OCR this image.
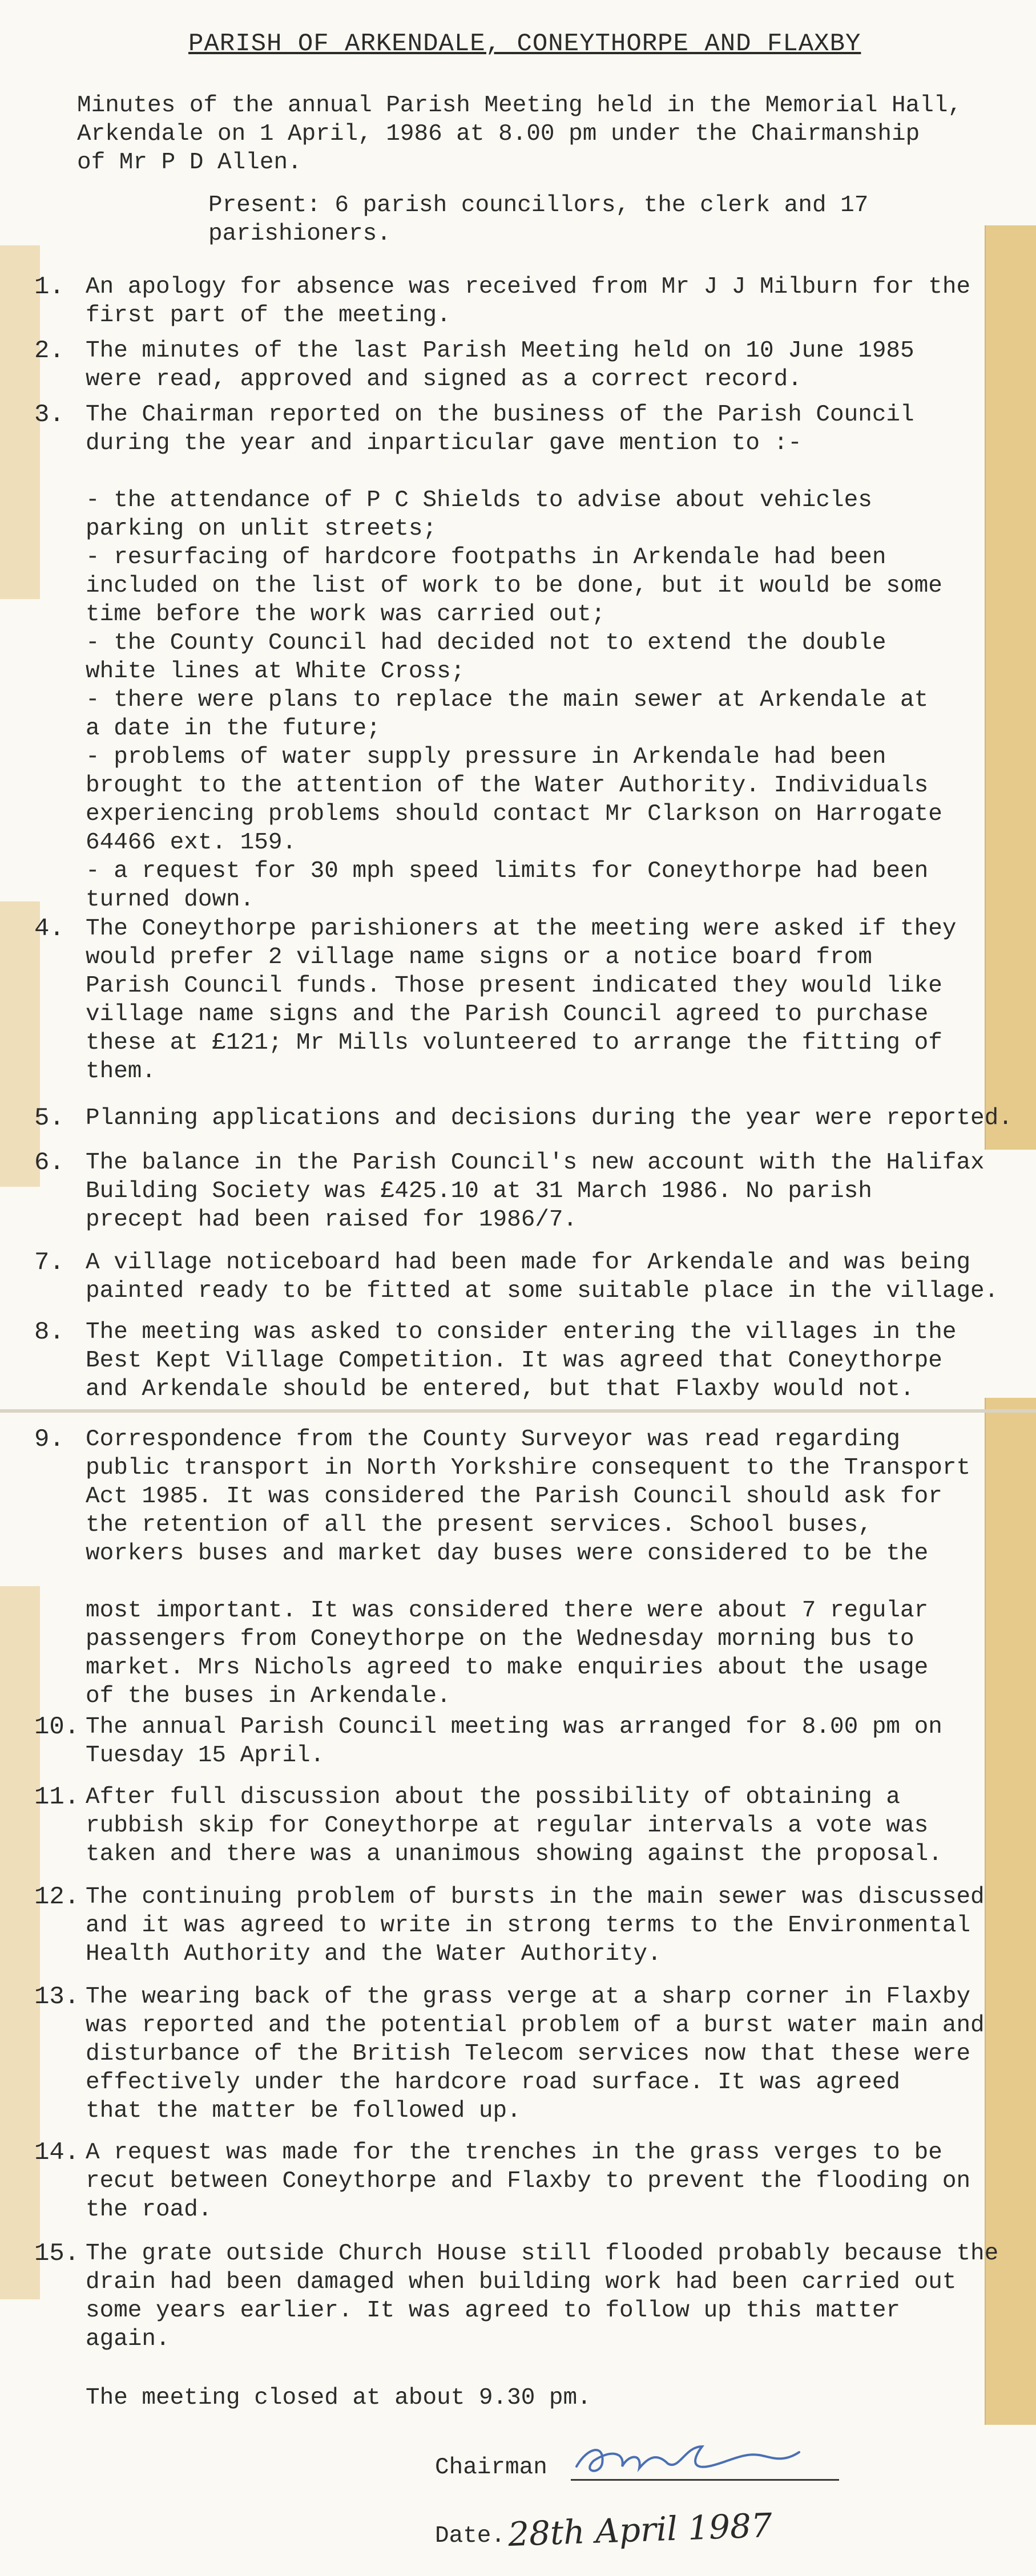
PARISH OF ARKENDALE, CONEYTHORPE AND FLAXBY
Minutes of the annual Parish Meeting held in the Memorial Hall,
Arkendale on 1 April, 1986 at 8.00 pm under the Chairmanship
of Mr P D Allen.
Present: 6 parish councillors, the clerk and 17
parishioners.
1. An apology for absence was received from Mr J J Milburn for the
first part of the meeting.
2. The minutes of the last Parish Meeting held on 10 June 1985
were read, approved and signed as a correct record.
3. The Chairman reported on the business of the Parish Council
during the year and inparticular gave mention to :-

- the attendance of P C Shields to advise about vehicles
parking on unlit streets;
- resurfacing of hardcore footpaths in Arkendale had been
included on the list of work to be done, but it would be some
time before the work was carried out;
- the County Council had decided not to extend the double
white lines at White Cross;
- there were plans to replace the main sewer at Arkendale at
a date in the future;
- problems of water supply pressure in Arkendale had been
brought to the attention of the Water Authority. Individuals
experiencing problems should contact Mr Clarkson on Harrogate
64466 ext. 159.
- a request for 30 mph speed limits for Coneythorpe had been
turned down.
4. The Coneythorpe parishioners at the meeting were asked if they
would prefer 2 village name signs or a notice board from
Parish Council funds. Those present indicated they would like
village name signs and the Parish Council agreed to purchase
these at £121; Mr Mills volunteered to arrange the fitting of
them.
5. Planning applications and decisions during the year were reported.
6. The balance in the Parish Council's new account with the Halifax
Building Society was £425.10 at 31 March 1986. No parish
precept had been raised for 1986/7.
7. A village noticeboard had been made for Arkendale and was being
painted ready to be fitted at some suitable place in the village.
8. The meeting was asked to consider entering the villages in the
Best Kept Village Competition. It was agreed that Coneythorpe
and Arkendale should be entered, but that Flaxby would not.
9. Correspondence from the County Surveyor was read regarding
public transport in North Yorkshire consequent to the Transport
Act 1985. It was considered the Parish Council should ask for
the retention of all the present services. School buses,
workers buses and market day buses were considered to be the

most important. It was considered there were about 7 regular
passengers from Coneythorpe on the Wednesday morning bus to
market. Mrs Nichols agreed to make enquiries about the usage
of the buses in Arkendale.
10. The annual Parish Council meeting was arranged for 8.00 pm on
Tuesday 15 April.
11. After full discussion about the possibility of obtaining a
rubbish skip for Coneythorpe at regular intervals a vote was
taken and there was a unanimous showing against the proposal.
12. The continuing problem of bursts in the main sewer was discussed
and it was agreed to write in strong terms to the Environmental
Health Authority and the Water Authority.
13. The wearing back of the grass verge at a sharp corner in Flaxby
was reported and the potential problem of a burst water main and
disturbance of the British Telecom services now that these were
effectively under the hardcore road surface. It was agreed
that the matter be followed up.
14. A request was made for the trenches in the grass verges to be
recut between Coneythorpe and Flaxby to prevent the flooding on
the road.
15. The grate outside Church House still flooded probably because the
drain had been damaged when building work had been carried out
some years earlier. It was agreed to follow up this matter
again.
The meeting closed at about 9.30 pm.
Chairman
Date. 28th April 1987
